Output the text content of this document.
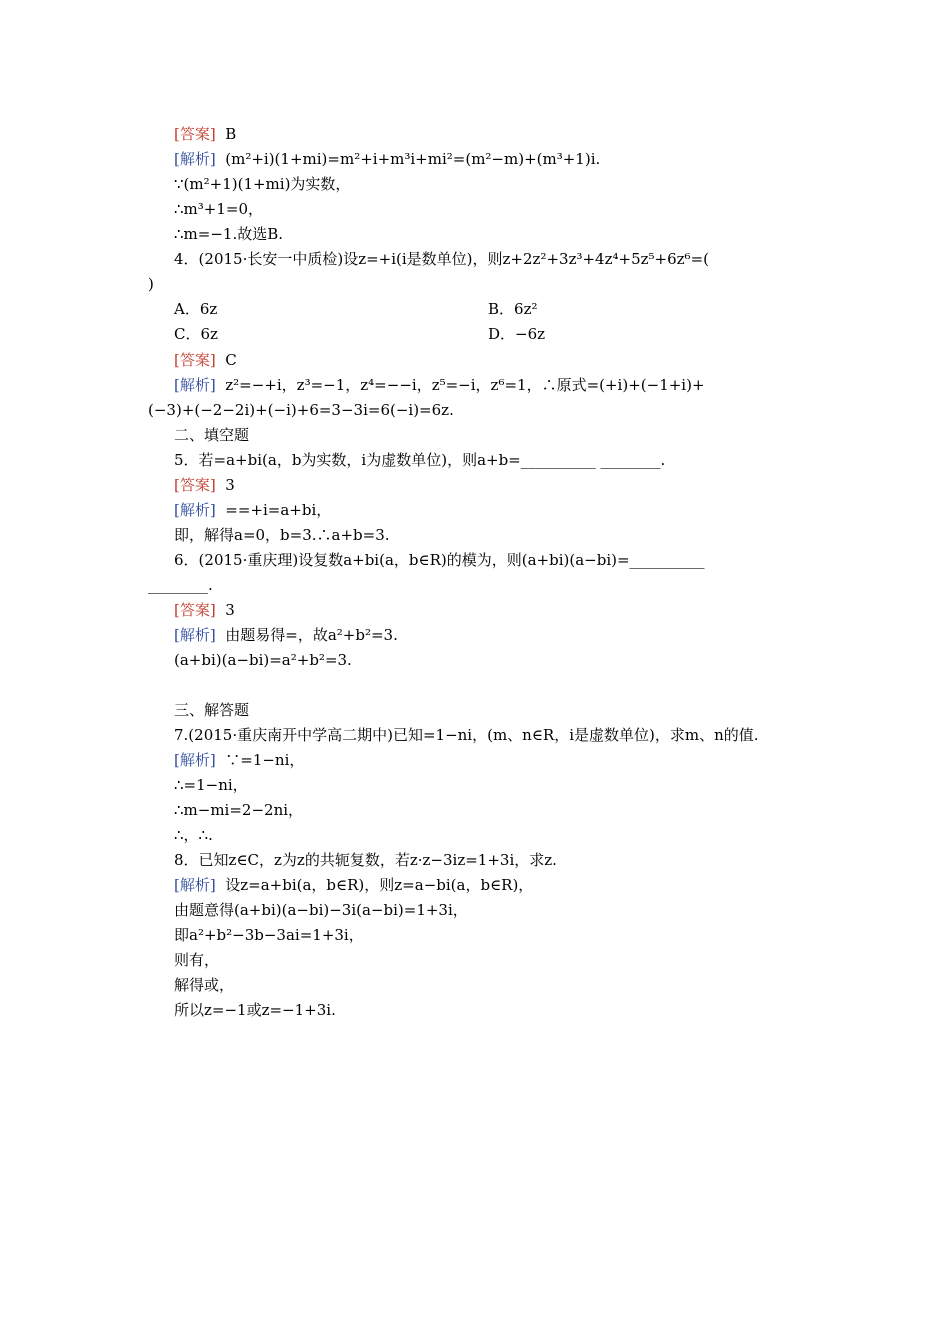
[答案]  B
[解析]  (m²+i)(1+mi)=m²+i+m³i+mi²=(m²−m)+(m³+1)i.
∵(m²+1)(1+mi)为实数，
∴m³+1=0，
∴m=−1.故选B.
4．(2015·长安一中质检)设z=+i(i是数单位)，则z+2z²+3z³+4z⁴+5z⁵+6z⁶=(
)
A．6z	B．6z²
C．6z	D．−6z
[答案]  C
[解析]  z²=−+i，z³=−1，z⁴=−−i，z⁵=−i，z⁶=1，∴原式=(+i)+(−1+i)+
(−3)+(−2−2i)+(−i)+6=3−3i=6(−i)=6z.
二、填空题
5．若=a+bi(a，b为实数，i为虚数单位)，则a+b=__________ ________.
[答案]  3
[解析]  ==+i=a+bi，
即，解得a=0，b=3.∴a+b=3.
6．(2015·重庆理)设复数a+bi(a，b∈R)的模为，则(a+bi)(a−bi)=__________
________.
[答案]  3
[解析]  由题易得=，故a²+b²=3.
(a+bi)(a−bi)=a²+b²=3.
三、解答题
7.(2015·重庆南开中学高二期中)已知=1−ni，(m、n∈R，i是虚数单位)，求m、n的值.
[解析]  ∵=1−ni，
∴=1−ni，
∴m−mi=2−2ni，
∴，∴.
8．已知z∈C，z为z的共轭复数，若z·z−3iz=1+3i，求z.
[解析]  设z=a+bi(a，b∈R)，则z=a−bi(a，b∈R)，
由题意得(a+bi)(a−bi)−3i(a−bi)=1+3i，
即a²+b²−3b−3ai=1+3i，
则有，
解得或，
所以z=−1或z=−1+3i.
